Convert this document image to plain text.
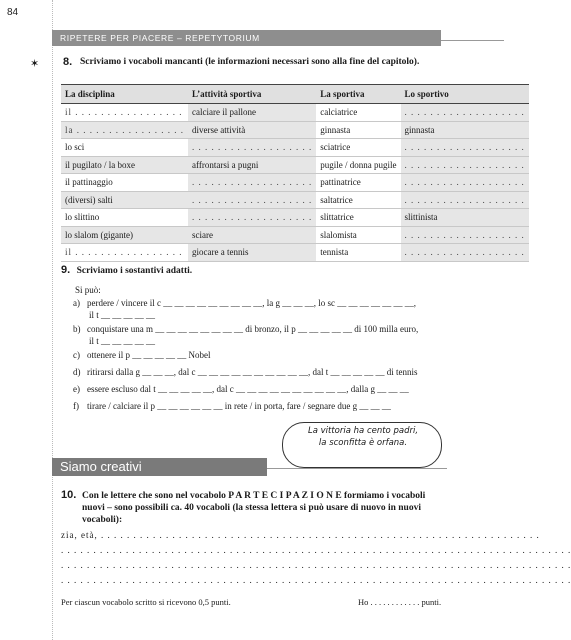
84
RIPETERE PER PIACERE – REPETYTORIUM
✶ 8. Scriviamo i vocaboli mancanti (le informazioni necessari sono alla fine del capitolo).
La disciplina	L’attività sportiva	La sportiva	Lo sportivo
il . . . . . . . . . . . . . . . . .	calciare il pallone	calciatrice	. . . . . . . . . . . . . . . . . . .
la . . . . . . . . . . . . . . . . .	diverse attività	ginnasta	ginnasta
lo sci	. . . . . . . . . . . . . . . . . . .	sciatrice	. . . . . . . . . . . . . . . . . . .
il pugilato / la boxe	affrontarsi a pugni	pugile / donna pugile	. . . . . . . . . . . . . . . . . . .
il pattinaggio	. . . . . . . . . . . . . . . . . . .	pattinatrice	. . . . . . . . . . . . . . . . . . .
(diversi) salti	. . . . . . . . . . . . . . . . . . .	saltatrice	. . . . . . . . . . . . . . . . . . .
lo slittino	. . . . . . . . . . . . . . . . . . .	slittatrice	slittinista
lo slalom (gigante)	sciare	slalomista	. . . . . . . . . . . . . . . . . . .
il . . . . . . . . . . . . . . . . .	giocare a tennis	tennista	. . . . . . . . . . . . . . . . . . .
9. Scriviamo i sostantivi adatti.
Si può:
a) perdere / vincere il c __ __ __ __ __ __ __ __ __, la g __ __ __, lo sc __ __ __ __ __ __ __,
il t __ __ __ __ __
b) conquistare una m __ __ __ __ __ __ __ __ di bronzo, il p __ __ __ __ __ di 100 milla euro,
il t __ __ __ __ __
c) ottenere il p __ __ __ __ __ Nobel
d) ritirarsi dalla g __ __ __, dal c __ __ __ __ __ __ __ __ __ __, dal t __ __ __ __ __ di tennis
e) essere escluso dal t __ __ __ __ __, dal c __ __ __ __ __ __ __ __ __ __, dalla g __ __ __
f) tirare / calciare il p __ __ __ __ __ __ in rete / in porta, fare / segnare due g __ __ __
Siamo creativi
La vittoria ha cento padri,
la sconfitta è orfana.
10. Con le lettere che sono nel vocabolo P A R T E C I P A Z I O N E formiamo i vocaboli nuovi – sono possibili ca. 40 vocaboli (la stessa lettera si può usare di nuovo in nuovi vocaboli):
zia, età, . . . . . . . . . . . . . . . . . . . . . . . . . . . . . . . . . . . . . . . . . . . . . . . . . . . . . . . . . . . . . . . . . . . .
. . . . . . . . . . . . . . . . . . . . . . . . . . . . . . . . . . . . . . . . . . . . . . . . . . . . . . . . . . . . . . . . . . . . . . . . . . . . . . .
. . . . . . . . . . . . . . . . . . . . . . . . . . . . . . . . . . . . . . . . . . . . . . . . . . . . . . . . . . . . . . . . . . . . . . . . . . . . . . .
. . . . . . . . . . . . . . . . . . . . . . . . . . . . . . . . . . . . . . . . . . . . . . . . . . . . . . . . . . . . . . . . . . . . . . . . . . . . . . .
Per ciascun vocabolo scritto si ricevono 0,5 punti.	Ho . . . . . . . . . . . . punti.
